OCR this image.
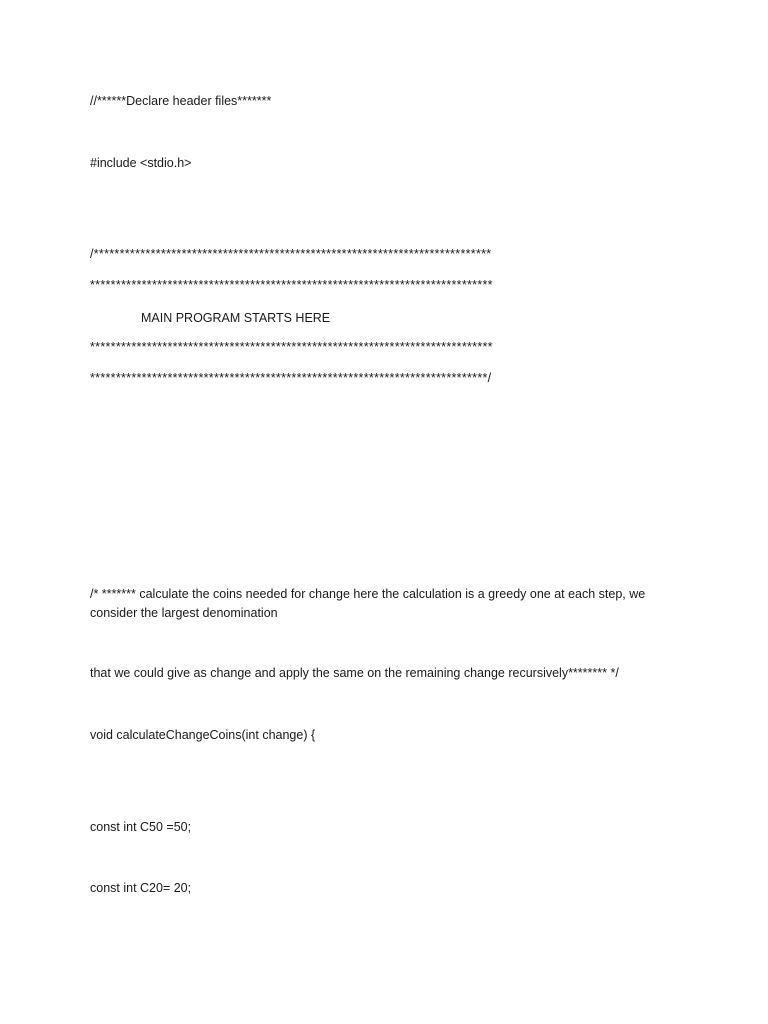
//******Declare header files*******
#include <stdio.h>
/*****************************************************************************
******************************************************************************
MAIN PROGRAM STARTS HERE
******************************************************************************
*****************************************************************************/
/* ******* calculate the coins needed for change here the calculation is a greedy one at each step, we consider the largest denomination
that we could give as change and apply the same on the remaining change recursively******** */
void calculateChangeCoins(int change) {
const int C50 =50;
const int C20= 20;
